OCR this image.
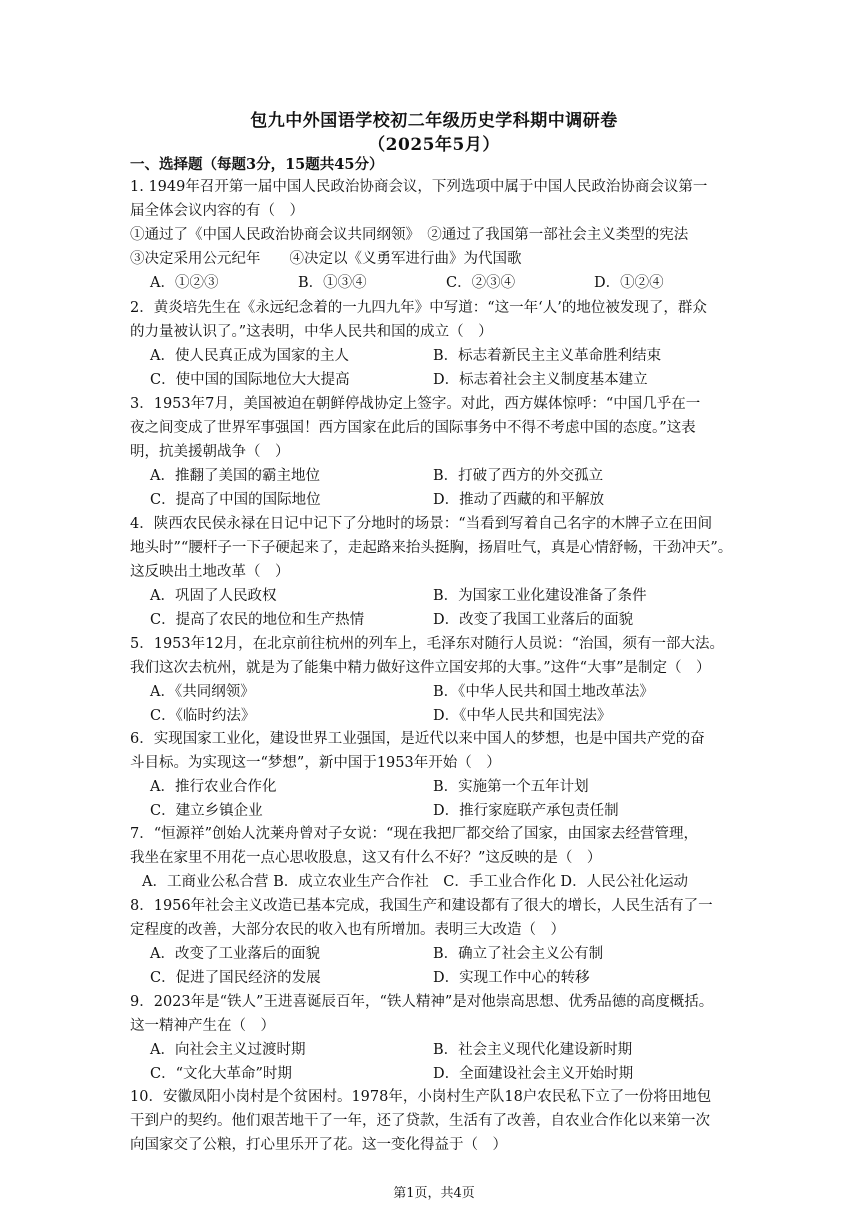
包九中外国语学校初二年级历史学科期中调研卷
（2025年5月）
一、选择题（每题3分，15题共45分）
1. 1949年召开第一届中国人民政治协商会议，下列选项中属于中国人民政治协商会议第一
届全体会议内容的有（　）
①通过了《中国人民政治协商会议共同纲领》　②通过了我国第一部社会主义类型的宪法
③决定采用公元纪年　　④决定以《义勇军进行曲》为代国歌
A．①②③	B．①③④	C．②③④	D．①②④
2．黄炎培先生在《永远纪念着的一九四九年》中写道：“这一年‘人’的地位被发现了，群众
的力量被认识了。”这表明，中华人民共和国的成立（　）
A．使人民真正成为国家的主人	B．标志着新民主主义革命胜利结束
C．使中国的国际地位大大提高	D．标志着社会主义制度基本建立
3．1953年7月，美国被迫在朝鲜停战协定上签字。对此，西方媒体惊呼：“中国几乎在一
夜之间变成了世界军事强国！西方国家在此后的国际事务中不得不考虑中国的态度。”这表
明，抗美援朝战争（　）
A．推翻了美国的霸主地位	B．打破了西方的外交孤立
C．提高了中国的国际地位	D．推动了西藏的和平解放
4．陕西农民侯永禄在日记中记下了分地时的场景：“当看到写着自己名字的木牌子立在田间
地头时”“腰杆子一下子硬起来了，走起路来抬头挺胸，扬眉吐气，真是心情舒畅，干劲冲天”。
这反映出土地改革（　）
A．巩固了人民政权	B．为国家工业化建设准备了条件
C．提高了农民的地位和生产热情	D．改变了我国工业落后的面貌
5．1953年12月，在北京前往杭州的列车上，毛泽东对随行人员说：“治国，须有一部大法。
我们这次去杭州，就是为了能集中精力做好这件立国安邦的大事。”这件“大事”是制定（　）
A．《共同纲领》	B．《中华人民共和国土地改革法》
C．《临时约法》	D．《中华人民共和国宪法》
6．实现国家工业化，建设世界工业强国，是近代以来中国人的梦想，也是中国共产党的奋
斗目标。为实现这一“梦想”，新中国于1953年开始（　）
A．推行农业合作化	B．实施第一个五年计划
C．建立乡镇企业	D．推行家庭联产承包责任制
7．“恒源祥”创始人沈莱舟曾对子女说：“现在我把厂都交给了国家，由国家去经营管理，
我坐在家里不用花一点心思收股息，这又有什么不好？”这反映的是（　）
A．工商业公私合营 B．成立农业生产合作社　C．手工业合作化 D．人民公社化运动
8．1956年社会主义改造已基本完成，我国生产和建设都有了很大的增长，人民生活有了一
定程度的改善，大部分农民的收入也有所增加。表明三大改造（　）
A．改变了工业落后的面貌	B．确立了社会主义公有制
C．促进了国民经济的发展	D．实现工作中心的转移
9．2023年是“铁人”王进喜诞辰百年，“铁人精神”是对他崇高思想、优秀品德的高度概括。
这一精神产生在（　）
A．向社会主义过渡时期	B．社会主义现代化建设新时期
C．“文化大革命”时期	D．全面建设社会主义开始时期
10．安徽凤阳小岗村是个贫困村。1978年，小岗村生产队18户农民私下立了一份将田地包
干到户的契约。他们艰苦地干了一年，还了贷款，生活有了改善，自农业合作化以来第一次
向国家交了公粮，打心里乐开了花。这一变化得益于（　）
第1页，共4页
